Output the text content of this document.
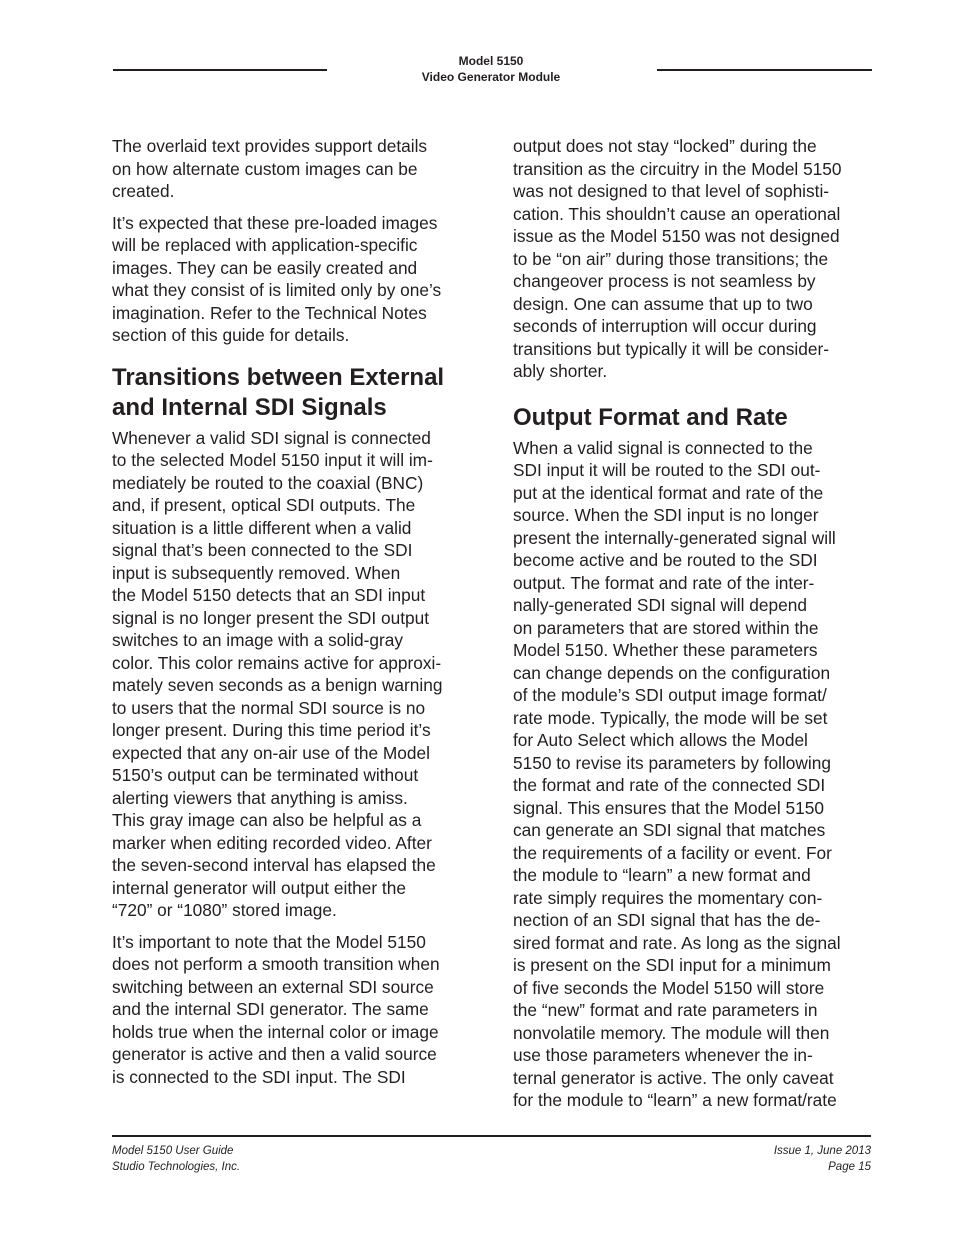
Model 5150
Video Generator Module

The overlaid text provides support details
on how alternate custom images can be
created.

It’s expected that these pre-loaded images
will be replaced with application-specific
images. They can be easily created and
what they consist of is limited only by one’s
imagination. Refer to the Technical Notes
section of this guide for details.

Transitions between External
and Internal SDI Signals

Whenever a valid SDI signal is connected
to the selected Model 5150 input it will im-
mediately be routed to the coaxial (BNC)
and, if present, optical SDI outputs. The
situation is a little different when a valid
signal that’s been connected to the SDI
input is subsequently removed. When
the Model 5150 detects that an SDI input
signal is no longer present the SDI output
switches to an image with a solid-gray
color. This color remains active for approxi-
mately seven seconds as a benign warning
to users that the normal SDI source is no
longer present. During this time period it’s
expected that any on-air use of the Model
5150’s output can be terminated without
alerting viewers that anything is amiss.
This gray image can also be helpful as a
marker when editing recorded video. After
the seven-second interval has elapsed the
internal generator will output either the
“720” or “1080” stored image.

It’s important to note that the Model 5150
does not perform a smooth transition when
switching between an external SDI source
and the internal SDI generator. The same
holds true when the internal color or image
generator is active and then a valid source
is connected to the SDI input. The SDI

output does not stay “locked” during the
transition as the circuitry in the Model 5150
was not designed to that level of sophisti-
cation. This shouldn’t cause an operational
issue as the Model 5150 was not designed
to be “on air” during those transitions; the
changeover process is not seamless by
design. One can assume that up to two
seconds of interruption will occur during
transitions but typically it will be consider-
ably shorter.

Output Format and Rate

When a valid signal is connected to the
SDI input it will be routed to the SDI out-
put at the identical format and rate of the
source. When the SDI input is no longer
present the internally-generated signal will
become active and be routed to the SDI
output. The format and rate of the inter-
nally-generated SDI signal will depend
on parameters that are stored within the
Model 5150. Whether these parameters
can change depends on the configuration
of the module’s SDI output image format/
rate mode. Typically, the mode will be set
for Auto Select which allows the Model
5150 to revise its parameters by following
the format and rate of the connected SDI
signal. This ensures that the Model 5150
can generate an SDI signal that matches
the requirements of a facility or event. For
the module to “learn” a new format and
rate simply requires the momentary con-
nection of an SDI signal that has the de-
sired format and rate. As long as the signal
is present on the SDI input for a minimum
of five seconds the Model 5150 will store
the “new” format and rate parameters in
nonvolatile memory. The module will then
use those parameters whenever the in-
ternal generator is active. The only caveat
for the module to “learn” a new format/rate

Model 5150 User Guide
Studio Technologies, Inc.
Issue 1, June 2013
Page 15
